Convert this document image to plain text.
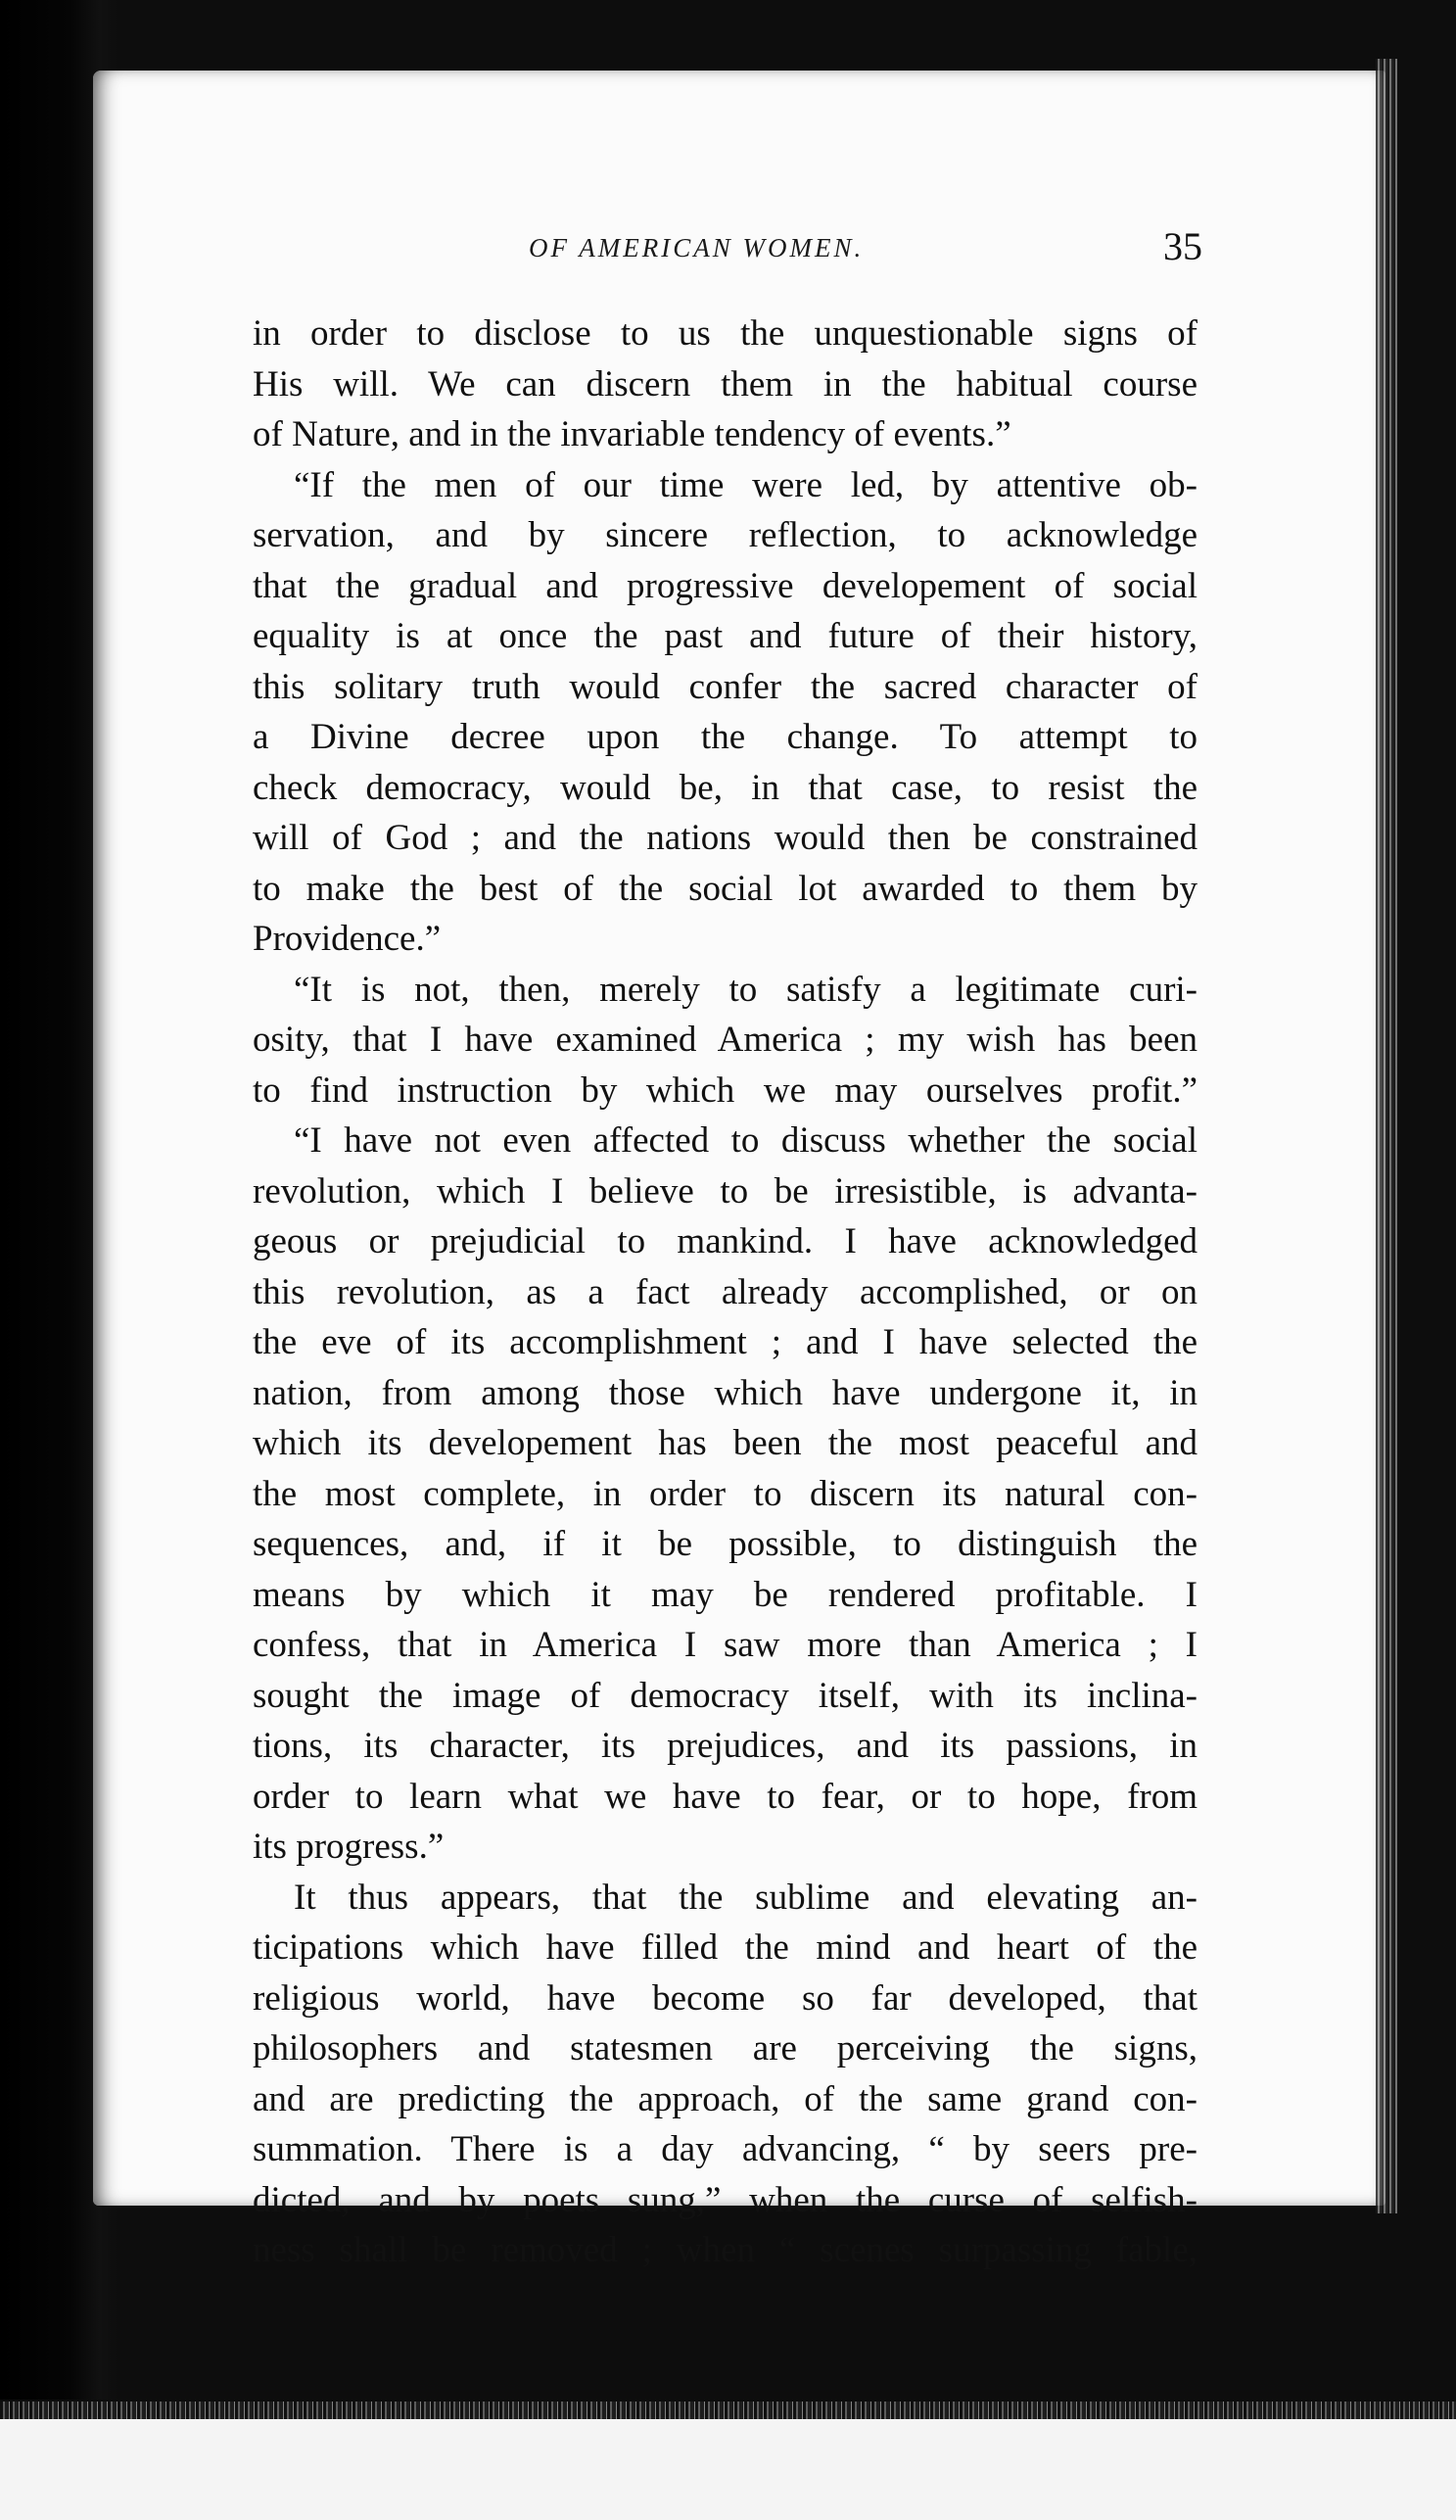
OF AMERICAN WOMEN.	35
in order to disclose to us the unquestionable signs of
His will. We can discern them in the habitual course
of Nature, and in the invariable tendency of events.”
“If the men of our time were led, by attentive ob-
servation, and by sincere reflection, to acknowledge
that the gradual and progressive developement of social
equality is at once the past and future of their history,
this solitary truth would confer the sacred character of
a Divine decree upon the change. To attempt to
check democracy, would be, in that case, to resist the
will of God ; and the nations would then be constrained
to make the best of the social lot awarded to them by
Providence.”
“It is not, then, merely to satisfy a legitimate curi-
osity, that I have examined America ; my wish has been
to find instruction by which we may ourselves profit.”
“I have not even affected to discuss whether the social
revolution, which I believe to be irresistible, is advanta-
geous or prejudicial to mankind. I have acknowledged
this revolution, as a fact already accomplished, or on
the eve of its accomplishment ; and I have selected the
nation, from among those which have undergone it, in
which its developement has been the most peaceful and
the most complete, in order to discern its natural con-
sequences, and, if it be possible, to distinguish the
means by which it may be rendered profitable. I
confess, that in America I saw more than America ; I
sought the image of democracy itself, with its inclina-
tions, its character, its prejudices, and its passions, in
order to learn what we have to fear, or to hope, from
its progress.”
It thus appears, that the sublime and elevating an-
ticipations which have filled the mind and heart of the
religious world, have become so far developed, that
philosophers and statesmen are perceiving the signs,
and are predicting the approach, of the same grand con-
summation. There is a day advancing, “ by seers pre-
dicted, and by poets sung,” when the curse of selfish-
ness shall be removed ; when “ scenes surpassing fable,
